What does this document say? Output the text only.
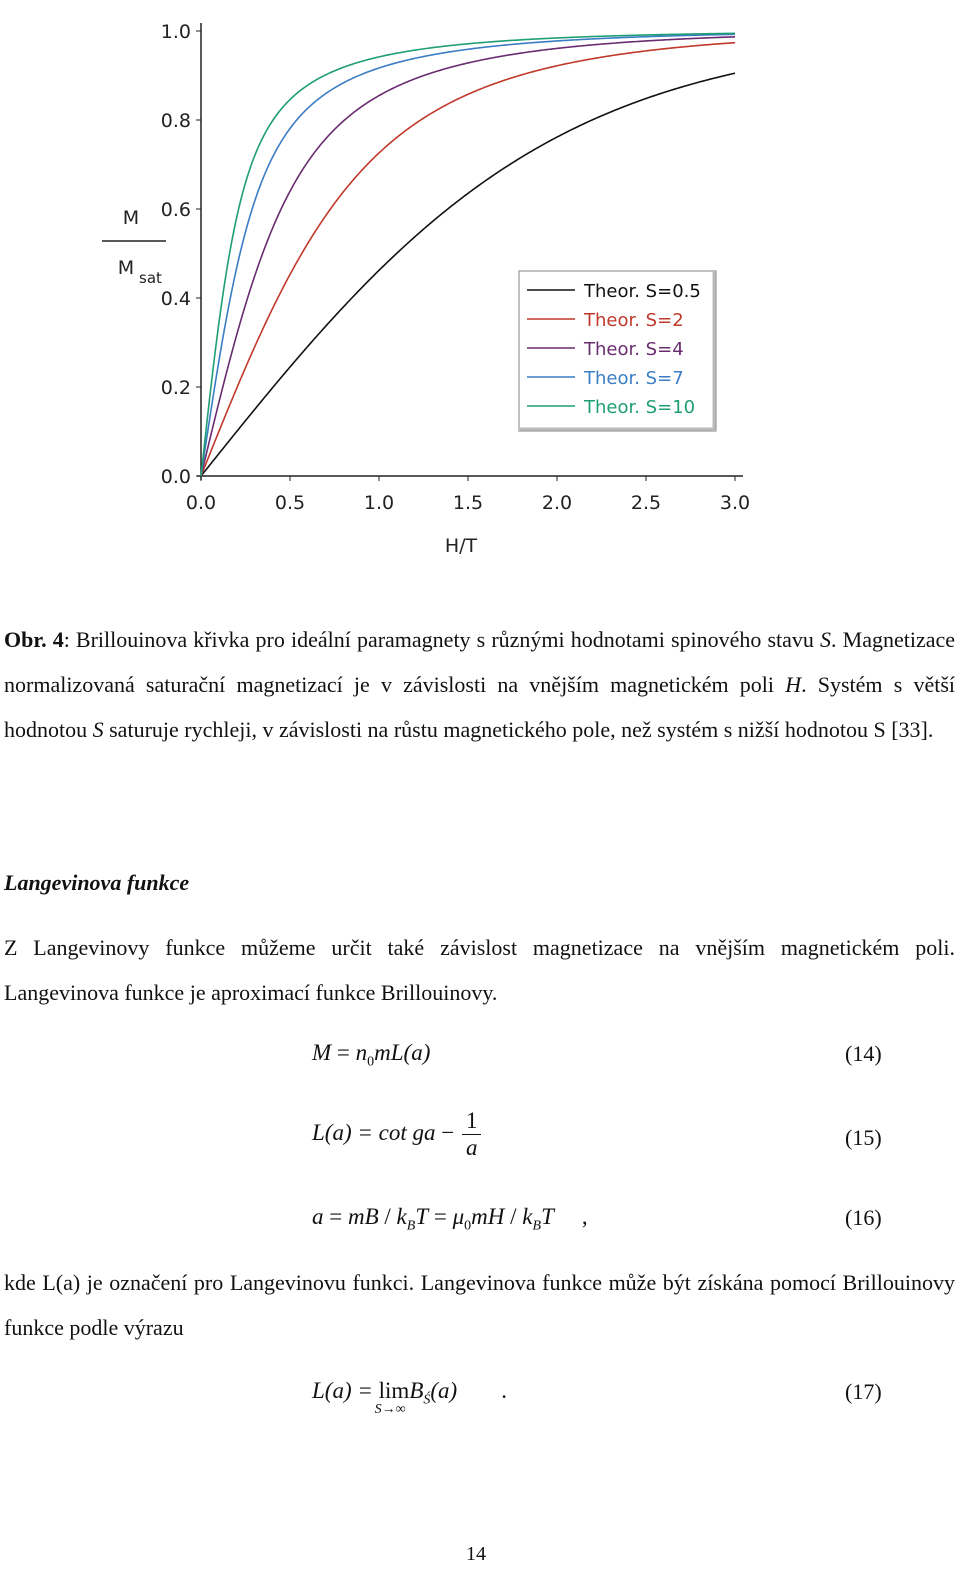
0.0	0.5	1.0	1.5	2.0	2.5	3.0
0.0
0.2
0.4
0.6
0.8
1.0
H/T
M
M sat
Theor. S=0.5
Theor. S=2
Theor. S=4
Theor. S=7
Theor. S=10

Obr. 4: Brillouinova křivka pro ideální paramagnety s různými hodnotami spinového stavu S. Magnetizace normalizovaná saturační magnetizací je v závislosti na vnějším magnetickém poli H. Systém s větší hodnotou S saturuje rychleji, v závislosti na růstu magnetického pole, než systém s nižší hodnotou S [33].

Langevinova funkce

Z Langevinovy funkce můžeme určit také závislost magnetizace na vnějším magnetickém poli. Langevinova funkce je aproximací funkce Brillouinovy.

$M = n_0mL(a)$	(14)
L(a) = cot ga − $\frac{1}{a}$	(15)
a = mB / $k_BT = \mu_0mH / k_BT$ ,	(16)

kde L(a) je označení pro Langevinovu funkci. Langevinova funkce může být získána pomocí Brillouinovy funkce podle výrazu

L(a) = lim
S→∞
$B_Ś(a)$ .	(17)
14
